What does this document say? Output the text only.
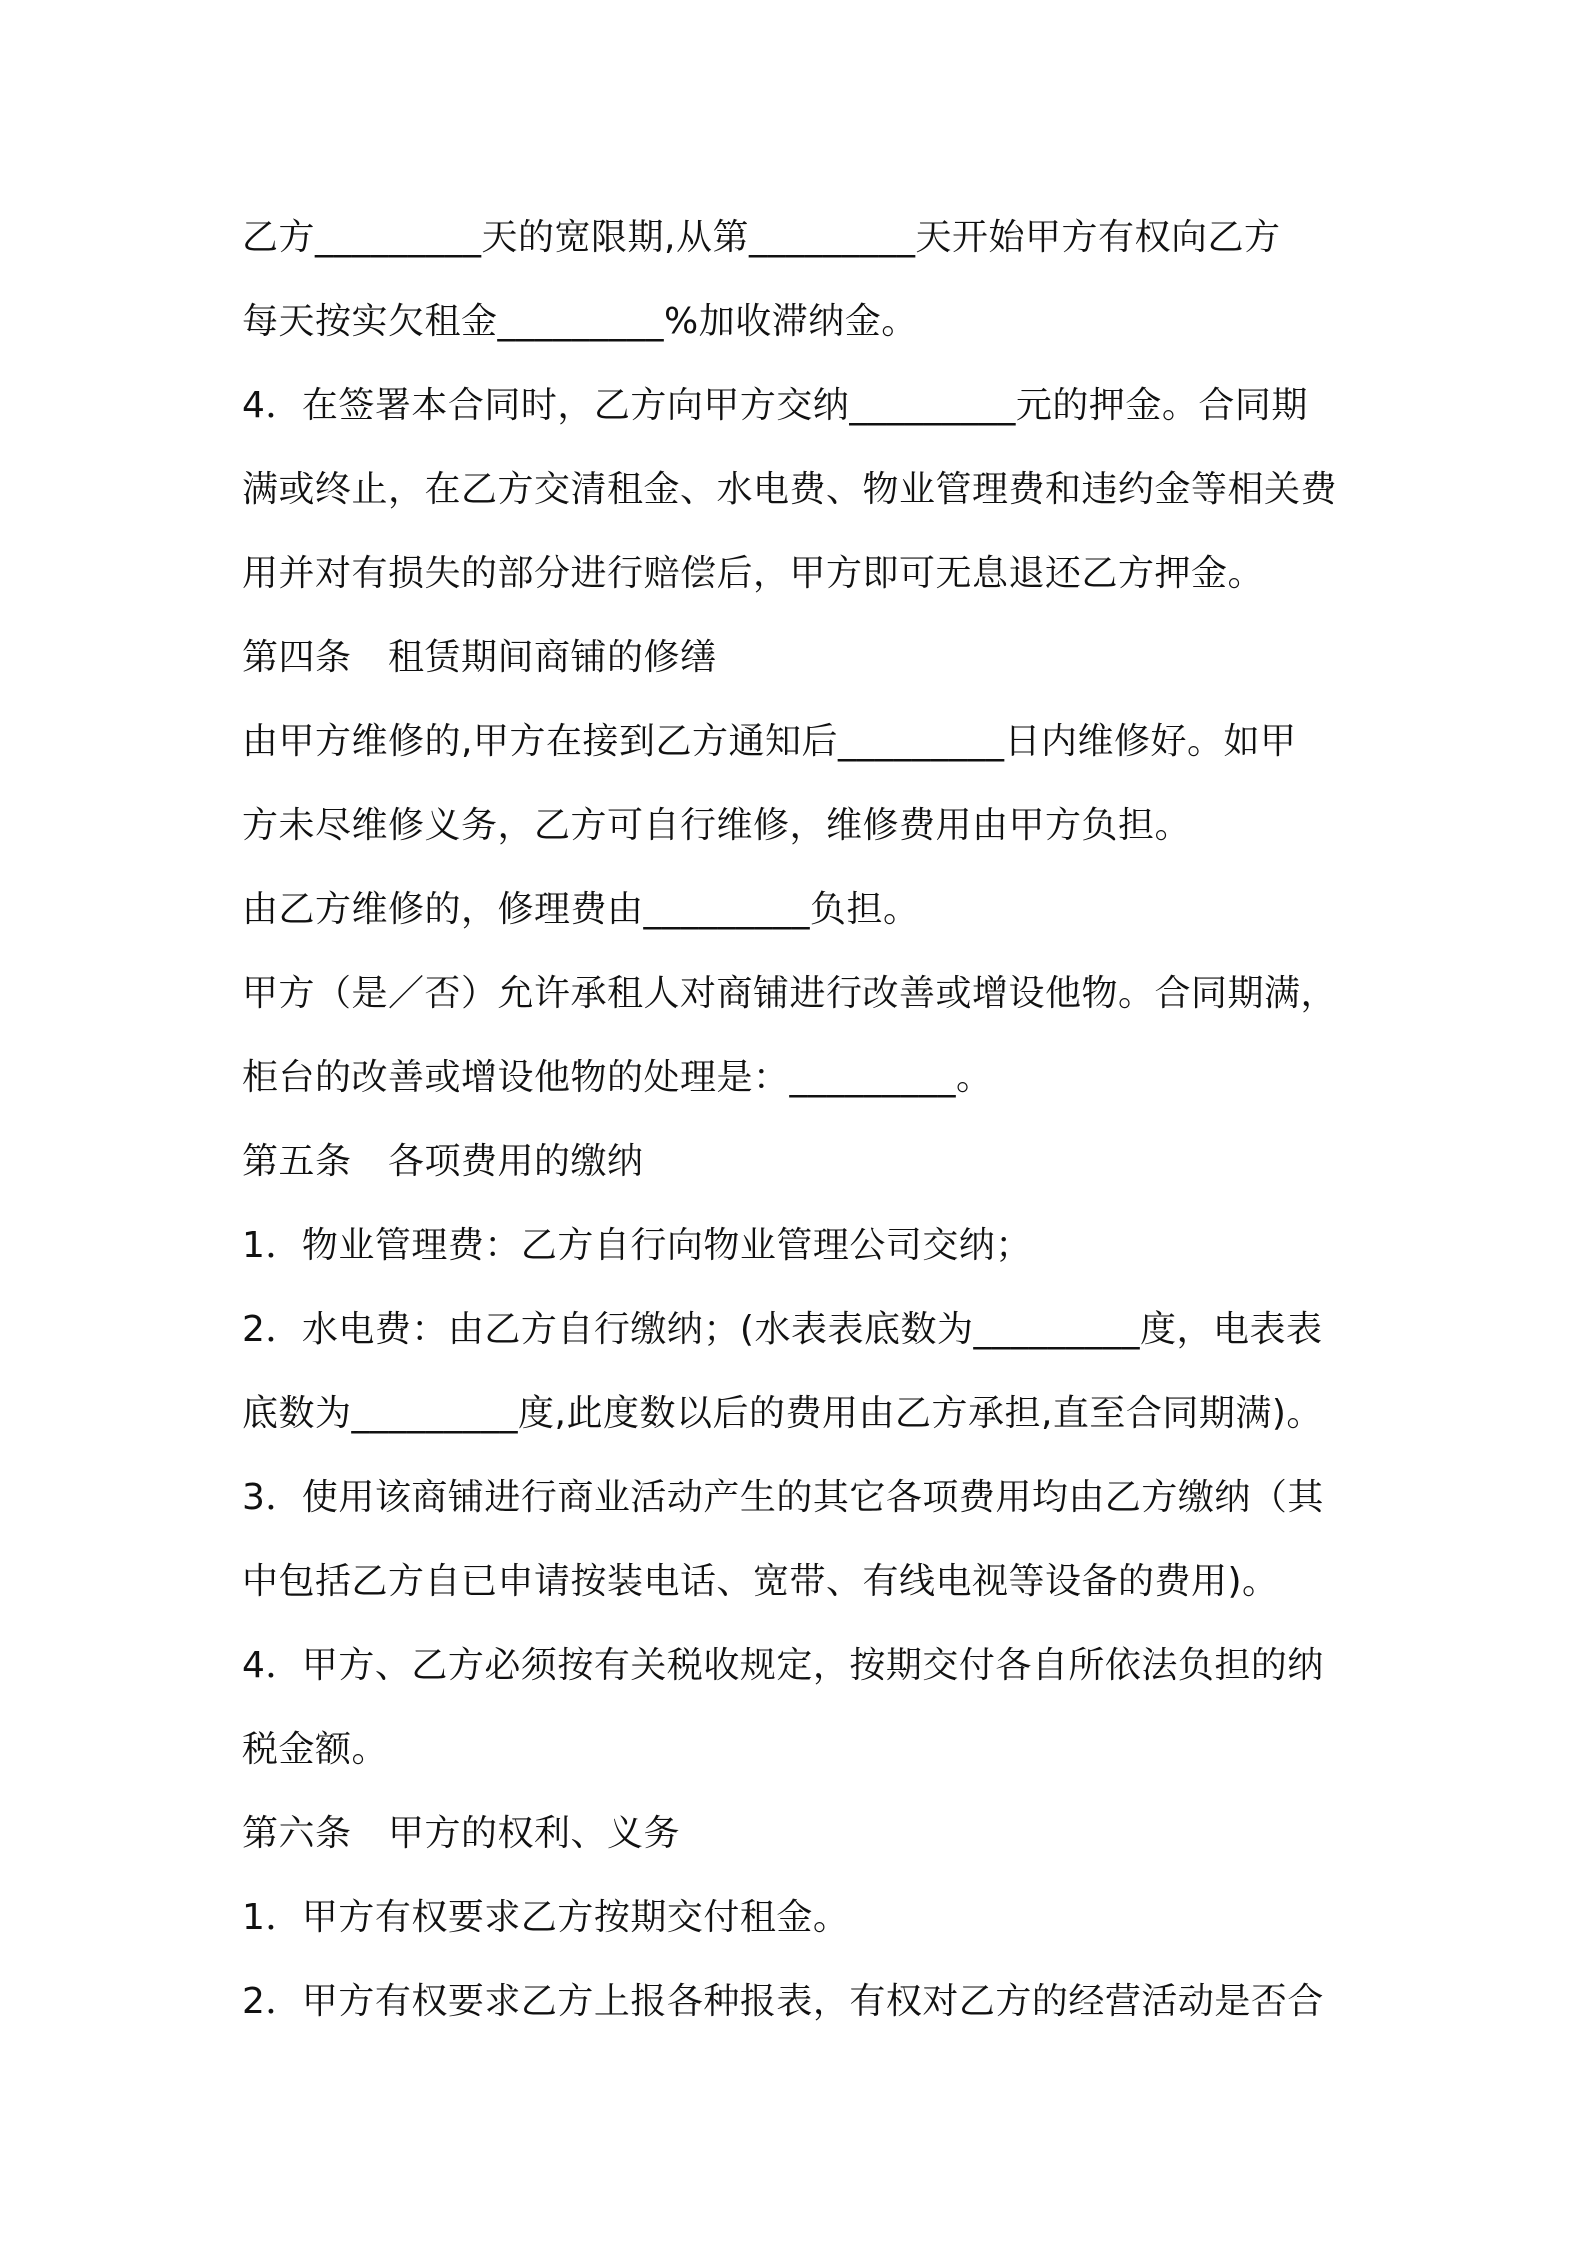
乙方_________天的宽限期,从第_________天开始甲方有权向乙方

每天按实欠租金_________%加收滞纳金。

4．在签署本合同时，乙方向甲方交纳_________元的押金。合同期

满或终止，在乙方交清租金、水电费、物业管理费和违约金等相关费

用并对有损失的部分进行赔偿后，甲方即可无息退还乙方押金。

第四条　租赁期间商铺的修缮

由甲方维修的,甲方在接到乙方通知后_________日内维修好。如甲

方未尽维修义务，乙方可自行维修，维修费用由甲方负担。

由乙方维修的，修理费由_________负担。

甲方（是／否）允许承租人对商铺进行改善或增设他物。合同期满，

柜台的改善或增设他物的处理是：_________。

第五条　各项费用的缴纳

1．物业管理费：乙方自行向物业管理公司交纳；

2．水电费：由乙方自行缴纳；(水表表底数为_________度，电表表

底数为_________度,此度数以后的费用由乙方承担,直至合同期满)。

3．使用该商铺进行商业活动产生的其它各项费用均由乙方缴纳（其

中包括乙方自已申请按装电话、宽带、有线电视等设备的费用)。

4．甲方、乙方必须按有关税收规定，按期交付各自所依法负担的纳

税金额。

第六条　甲方的权利、义务

1．甲方有权要求乙方按期交付租金。

2．甲方有权要求乙方上报各种报表，有权对乙方的经营活动是否合
